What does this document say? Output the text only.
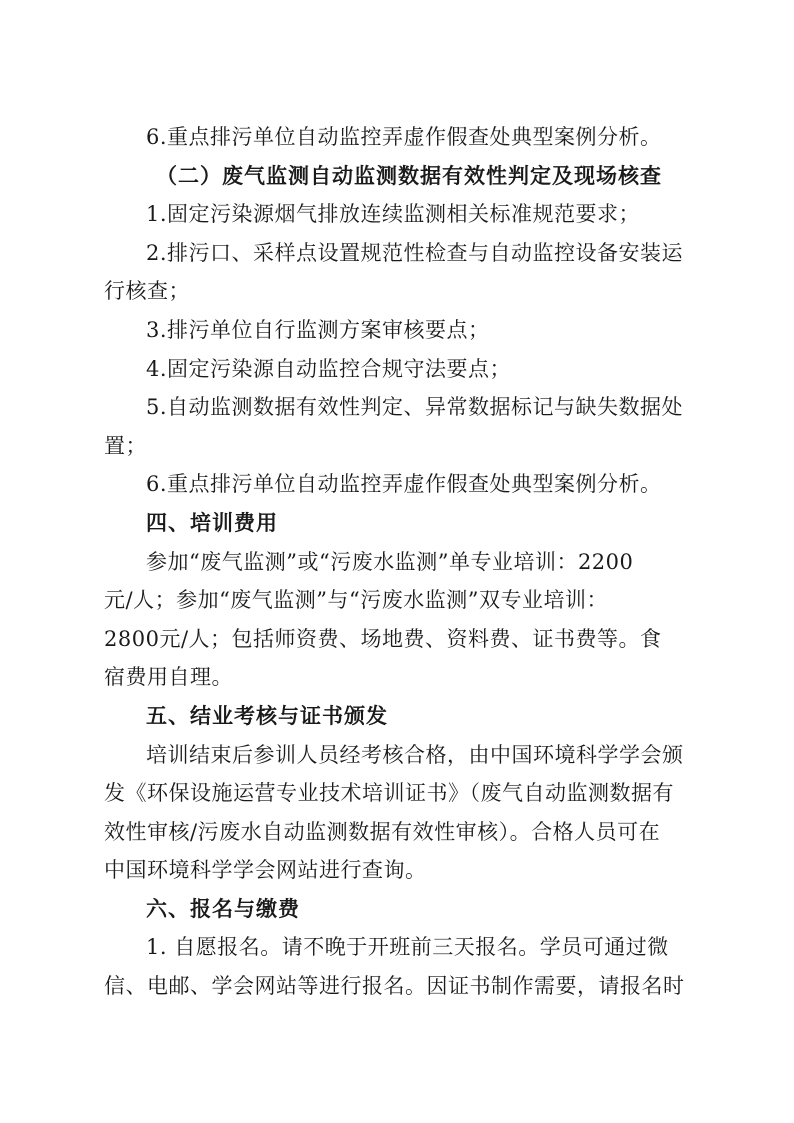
6.重点排污单位自动监控弄虚作假查处典型案例分析。
（二）废气监测自动监测数据有效性判定及现场核查
1.固定污染源烟气排放连续监测相关标准规范要求；
2.排污口、采样点设置规范性检查与自动监控设备安装运
行核查；
3.排污单位自行监测方案审核要点；
4.固定污染源自动监控合规守法要点；
5.自动监测数据有效性判定、异常数据标记与缺失数据处
置；
6.重点排污单位自动监控弄虚作假查处典型案例分析。
四、培训费用
参加“废气监测”或“污废水监测”单专业培训：2200
元/人；参加“废气监测”与“污废水监测”双专业培训：
2800元/人；包括师资费、场地费、资料费、证书费等。食
宿费用自理。
五、结业考核与证书颁发
培训结束后参训人员经考核合格，由中国环境科学学会颁
发《环保设施运营专业技术培训证书》（废气自动监测数据有
效性审核/污废水自动监测数据有效性审核）。合格人员可在
中国环境科学学会网站进行查询。
六、报名与缴费
1. 自愿报名。请不晚于开班前三天报名。学员可通过微
信、电邮、学会网站等进行报名。因证书制作需要，请报名时
